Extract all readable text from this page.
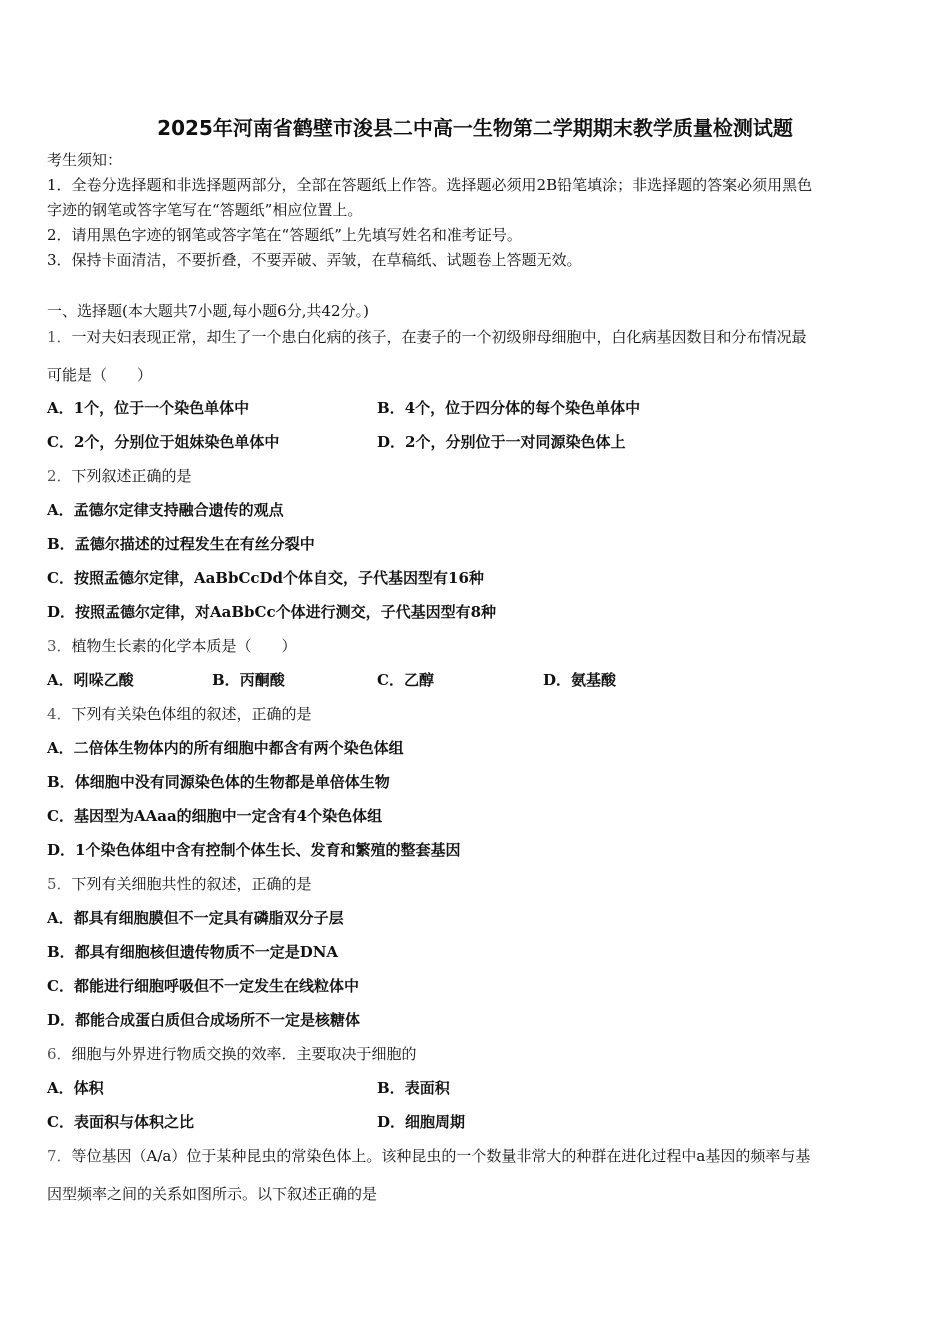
2025年河南省鹤壁市浚县二中高一生物第二学期期末教学质量检测试题
考生须知：
1．全卷分选择题和非选择题两部分，全部在答题纸上作答。选择题必须用2B铅笔填涂；非选择题的答案必须用黑色
字迹的钢笔或答字笔写在“答题纸”相应位置上。
2．请用黑色字迹的钢笔或答字笔在“答题纸”上先填写姓名和准考证号。
3．保持卡面清洁，不要折叠，不要弄破、弄皱，在草稿纸、试题卷上答题无效。
一、选择题(本大题共7小题,每小题6分,共42分。)
1．一对夫妇表现正常，却生了一个患白化病的孩子，在妻子的一个初级卵母细胞中，白化病基因数目和分布情况最
可能是（　　）
A．1个，位于一个染色单体中	B．4个，位于四分体的每个染色单体中
C．2个，分别位于姐妹染色单体中	D．2个，分别位于一对同源染色体上
2．下列叙述正确的是
A．孟德尔定律支持融合遗传的观点
B．孟德尔描述的过程发生在有丝分裂中
C．按照孟德尔定律，AaBbCcDd个体自交，子代基因型有16种
D．按照孟德尔定律，对AaBbCc个体进行测交，子代基因型有8种
3．植物生长素的化学本质是（　　）
A．吲哚乙酸	B．丙酮酸	C．乙醇	D．氨基酸
4．下列有关染色体组的叙述，正确的是
A．二倍体生物体内的所有细胞中都含有两个染色体组
B．体细胞中没有同源染色体的生物都是单倍体生物
C．基因型为AAaa的细胞中一定含有4个染色体组
D．1个染色体组中含有控制个体生长、发育和繁殖的整套基因
5．下列有关细胞共性的叙述，正确的是
A．都具有细胞膜但不一定具有磷脂双分子层
B．都具有细胞核但遗传物质不一定是DNA
C．都能进行细胞呼吸但不一定发生在线粒体中
D．都能合成蛋白质但合成场所不一定是核糖体
6．细胞与外界进行物质交换的效率．主要取决于细胞的
A．体积	B．表面积
C．表面积与体积之比	D．细胞周期
7．等位基因（A/a）位于某种昆虫的常染色体上。该种昆虫的一个数量非常大的种群在进化过程中a基因的频率与基
因型频率之间的关系如图所示。以下叙述正确的是
